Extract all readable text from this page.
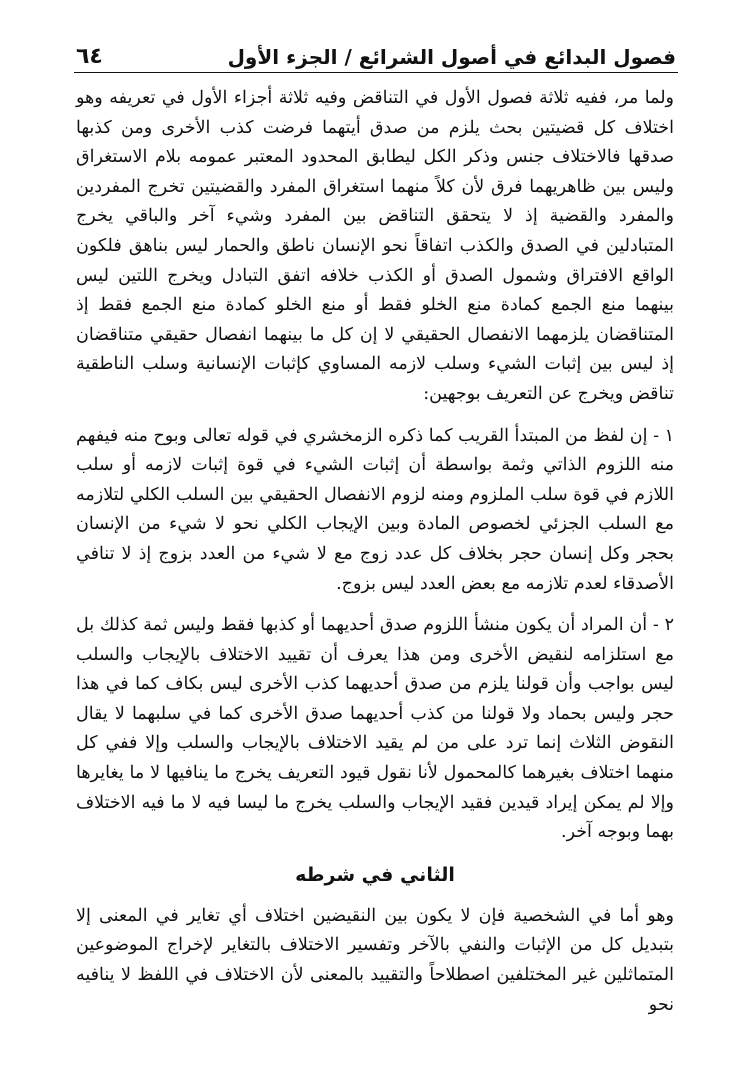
فصول البدائع في أصول الشرائع / الجزء الأول
٦٤

ولما مر، ففيه ثلاثة فصول الأول في التناقض وفيه ثلاثة أجزاء الأول في تعريفه وهو اختلاف كل قضيتين بحث يلزم من صدق أيتهما فرضت كذب الأخرى ومن كذبها صدقها فالاختلاف جنس وذكر الكل ليطابق المحدود المعتبر عمومه بلام الاستغراق وليس بين ظاهريهما فرق لأن كلاً منهما استغراق المفرد والقضيتين تخرج المفردين والمفرد والقضية إذ لا يتحقق التناقض بين المفرد وشيء آخر والباقي يخرج المتبادلين في الصدق والكذب اتفاقاً نحو الإنسان ناطق والحمار ليس بناهق فلكون الواقع الافتراق وشمول الصدق أو الكذب خلافه اتفق التبادل ويخرج اللتين ليس بينهما منع الجمع كمادة منع الخلو فقط أو منع الخلو كمادة منع الجمع فقط إذ المتناقضان يلزمهما الانفصال الحقيقي لا إن كل ما بينهما انفصال حقيقي متناقضان إذ ليس بين إثبات الشيء وسلب لازمه المساوي كإثبات الإنسانية وسلب الناطقية تناقض ويخرج عن التعريف بوجهين:

١ - إن لفظ من المبتدأ القريب كما ذكره الزمخشري في قوله تعالى وبوح منه فيفهم منه اللزوم الذاتي وثمة بواسطة أن إثبات الشيء في قوة إثبات لازمه أو سلب اللازم في قوة سلب الملزوم ومنه لزوم الانفصال الحقيقي بين السلب الكلي لتلازمه مع السلب الجزئي لخصوص المادة وبين الإيجاب الكلي نحو لا شيء من الإنسان بحجر وكل إنسان حجر بخلاف كل عدد زوج مع لا شيء من العدد بزوج إذ لا تنافي الأصدقاء لعدم تلازمه مع بعض العدد ليس بزوج.

٢ - أن المراد أن يكون منشأ اللزوم صدق أحديهما أو كذبها فقط وليس ثمة كذلك بل مع استلزامه لنقيض الأخرى ومن هذا يعرف أن تقييد الاختلاف بالإيجاب والسلب ليس بواجب وأن قولنا يلزم من صدق أحديهما كذب الأخرى ليس بكاف كما في هذا حجر وليس بحماد ولا قولنا من كذب أحديهما صدق الأخرى كما في سلبهما لا يقال النقوض الثلاث إنما ترد على من لم يقيد الاختلاف بالإيجاب والسلب وإلا ففي كل منهما اختلاف بغيرهما كالمحمول لأنا نقول قيود التعريف يخرج ما ينافيها لا ما يغايرها وإلا لم يمكن إيراد قيدين فقيد الإيجاب والسلب يخرج ما ليسا فيه لا ما فيه الاختلاف بهما وبوجه آخر.

الثاني في شرطه

وهو أما في الشخصية فإن لا يكون بين النقيضين اختلاف أي تغاير في المعنى إلا بتبديل كل من الإثبات والنفي بالآخر وتفسير الاختلاف بالتغاير لإخراج الموضوعين المتماثلين غير المختلفين اصطلاحاً والتقييد بالمعنى لأن الاختلاف في اللفظ لا ينافيه نحو
